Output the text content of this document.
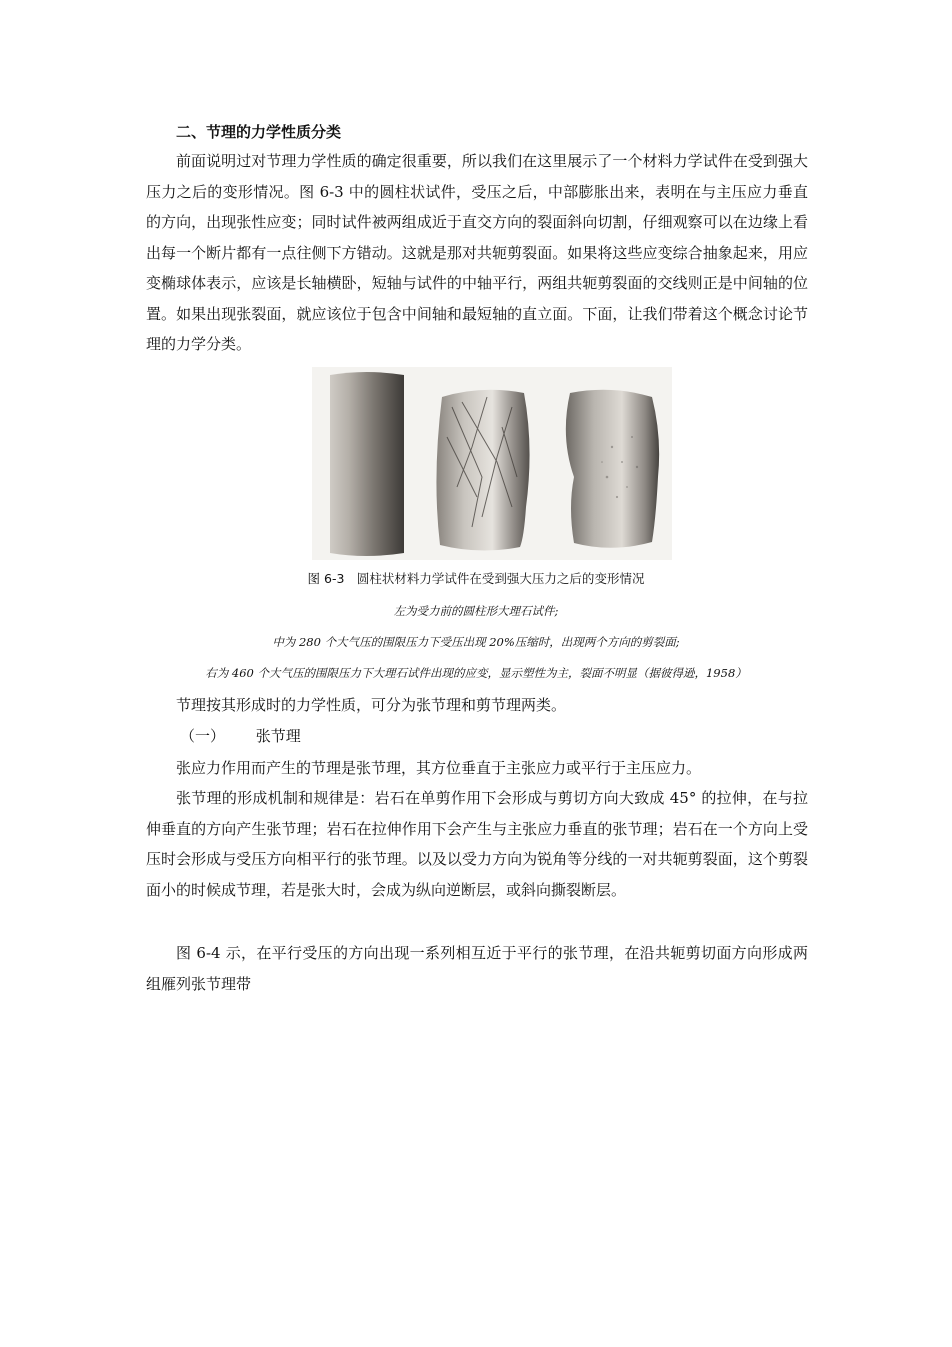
二、节理的力学性质分类

前面说明过对节理力学性质的确定很重要，所以我们在这里展示了一个材料力学试件在受到强大压力之后的变形情况。图 6-3 中的圆柱状试件，受压之后，中部膨胀出来，表明在与主压应力垂直的方向，出现张性应变；同时试件被两组成近于直交方向的裂面斜向切割，仔细观察可以在边缘上看出每一个断片都有一点往侧下方错动。这就是那对共轭剪裂面。如果将这些应变综合抽象起来，用应变椭球体表示，应该是长轴横卧，短轴与试件的中轴平行，两组共轭剪裂面的交线则正是中间轴的位置。如果出现张裂面，就应该位于包含中间轴和最短轴的直立面。下面，让我们带着这个概念讨论节理的力学分类。

图 6-3　圆柱状材料力学试件在受到强大压力之后的变形情况

左为受力前的圆柱形大理石试件;

中为 280 个大气压的围限压力下受压出现 20%压缩时，出现两个方向的剪裂面;

右为 460 个大气压的围限压力下大理石试件出现的应变，显示塑性为主，裂面不明显（据彼得逊，1958）

节理按其形成时的力学性质，可分为张节理和剪节理两类。

（一） 张节理

张应力作用而产生的节理是张节理，其方位垂直于主张应力或平行于主压应力。

张节理的形成机制和规律是：岩石在单剪作用下会形成与剪切方向大致成 45° 的拉伸，在与拉伸垂直的方向产生张节理；岩石在拉伸作用下会产生与主张应力垂直的张节理；岩石在一个方向上受压时会形成与受压方向相平行的张节理。以及以受力方向为锐角等分线的一对共轭剪裂面，这个剪裂面小的时候成节理，若是张大时，会成为纵向逆断层，或斜向撕裂断层。

图 6-4 示，在平行受压的方向出现一系列相互近于平行的张节理，在沿共轭剪切面方向形成两组雁列张节理带
